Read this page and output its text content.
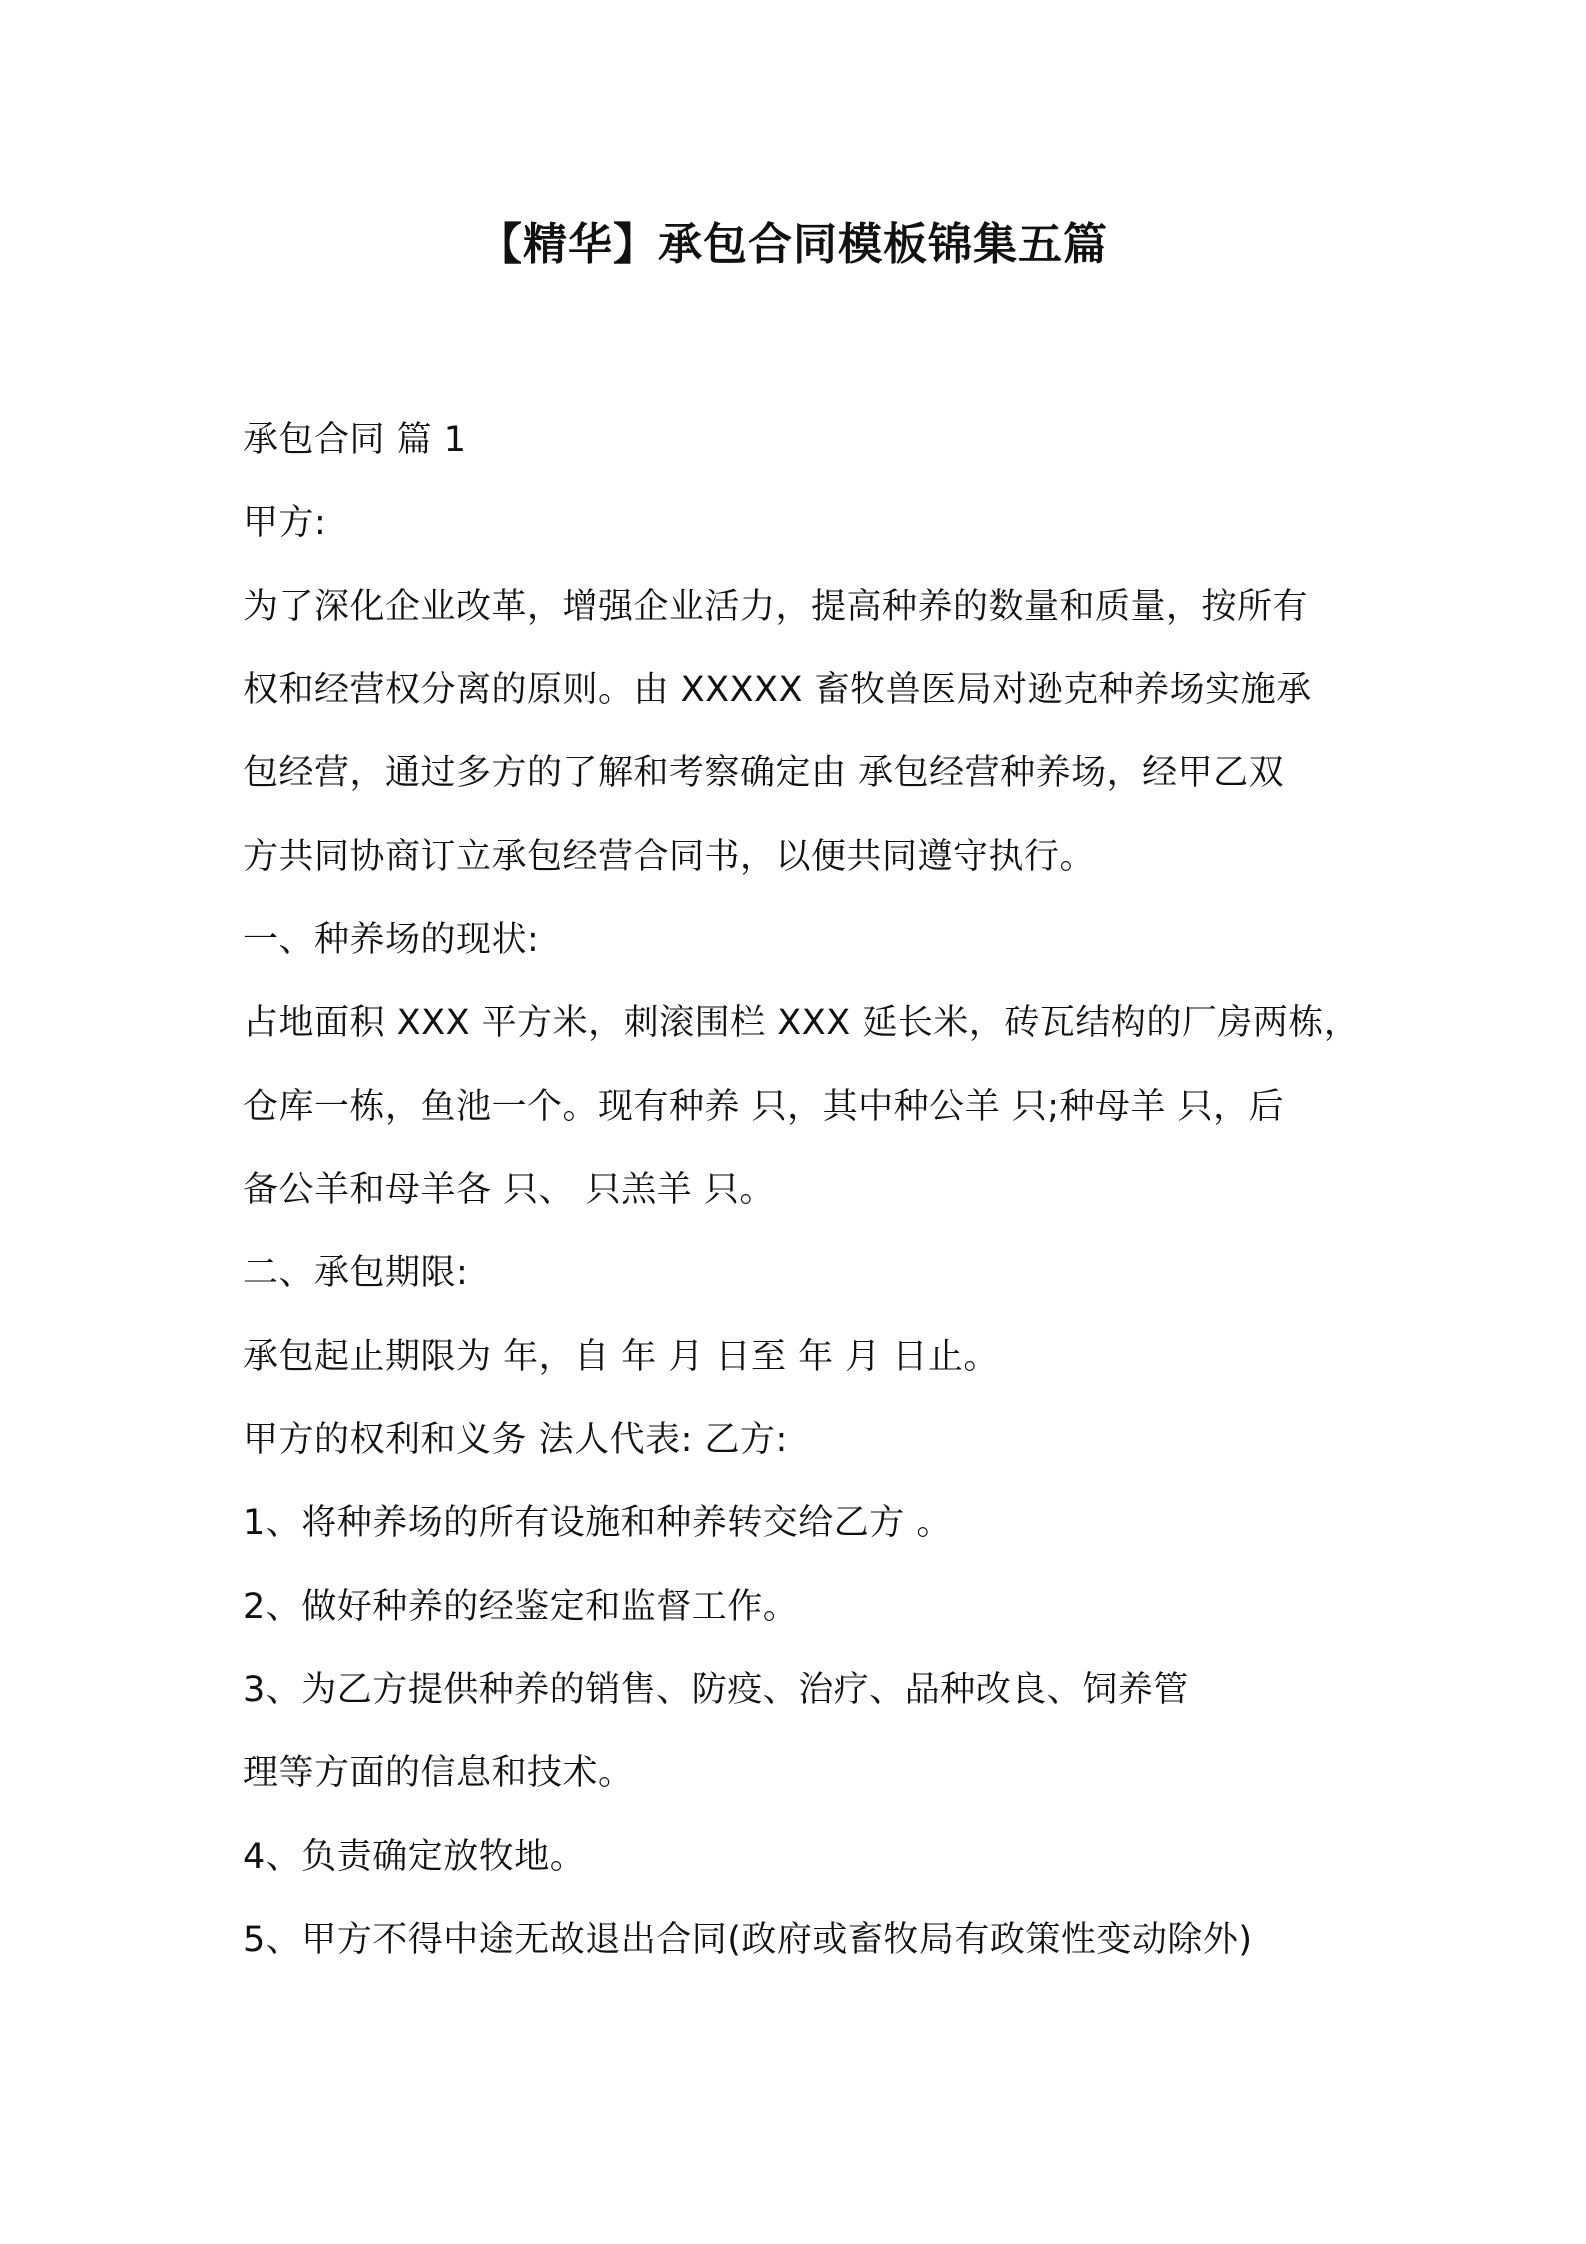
【精华】承包合同模板锦集五篇
承包合同 篇 1
甲方:
为了深化企业改革，增强企业活力，提高种养的数量和质量，按所有
权和经营权分离的原则。由 XXXXX 畜牧兽医局对逊克种养场实施承
包经营，通过多方的了解和考察确定由 承包经营种养场，经甲乙双
方共同协商订立承包经营合同书，以便共同遵守执行。
一、种养场的现状:
占地面积 XXX 平方米，刺滚围栏 XXX 延长米，砖瓦结构的厂房两栋，
仓库一栋，鱼池一个。现有种养 只，其中种公羊 只;种母羊 只，后
备公羊和母羊各 只、 只羔羊 只。
二、承包期限:
承包起止期限为 年，自 年 月 日至 年 月 日止。
甲方的权利和义务 法人代表: 乙方:
1、将种养场的所有设施和种养转交给乙方 。
2、做好种养的经鉴定和监督工作。
3、为乙方提供种养的销售、防疫、治疗、品种改良、饲养管
理等方面的信息和技术。
4、负责确定放牧地。
5、甲方不得中途无故退出合同(政府或畜牧局有政策性变动除外)
